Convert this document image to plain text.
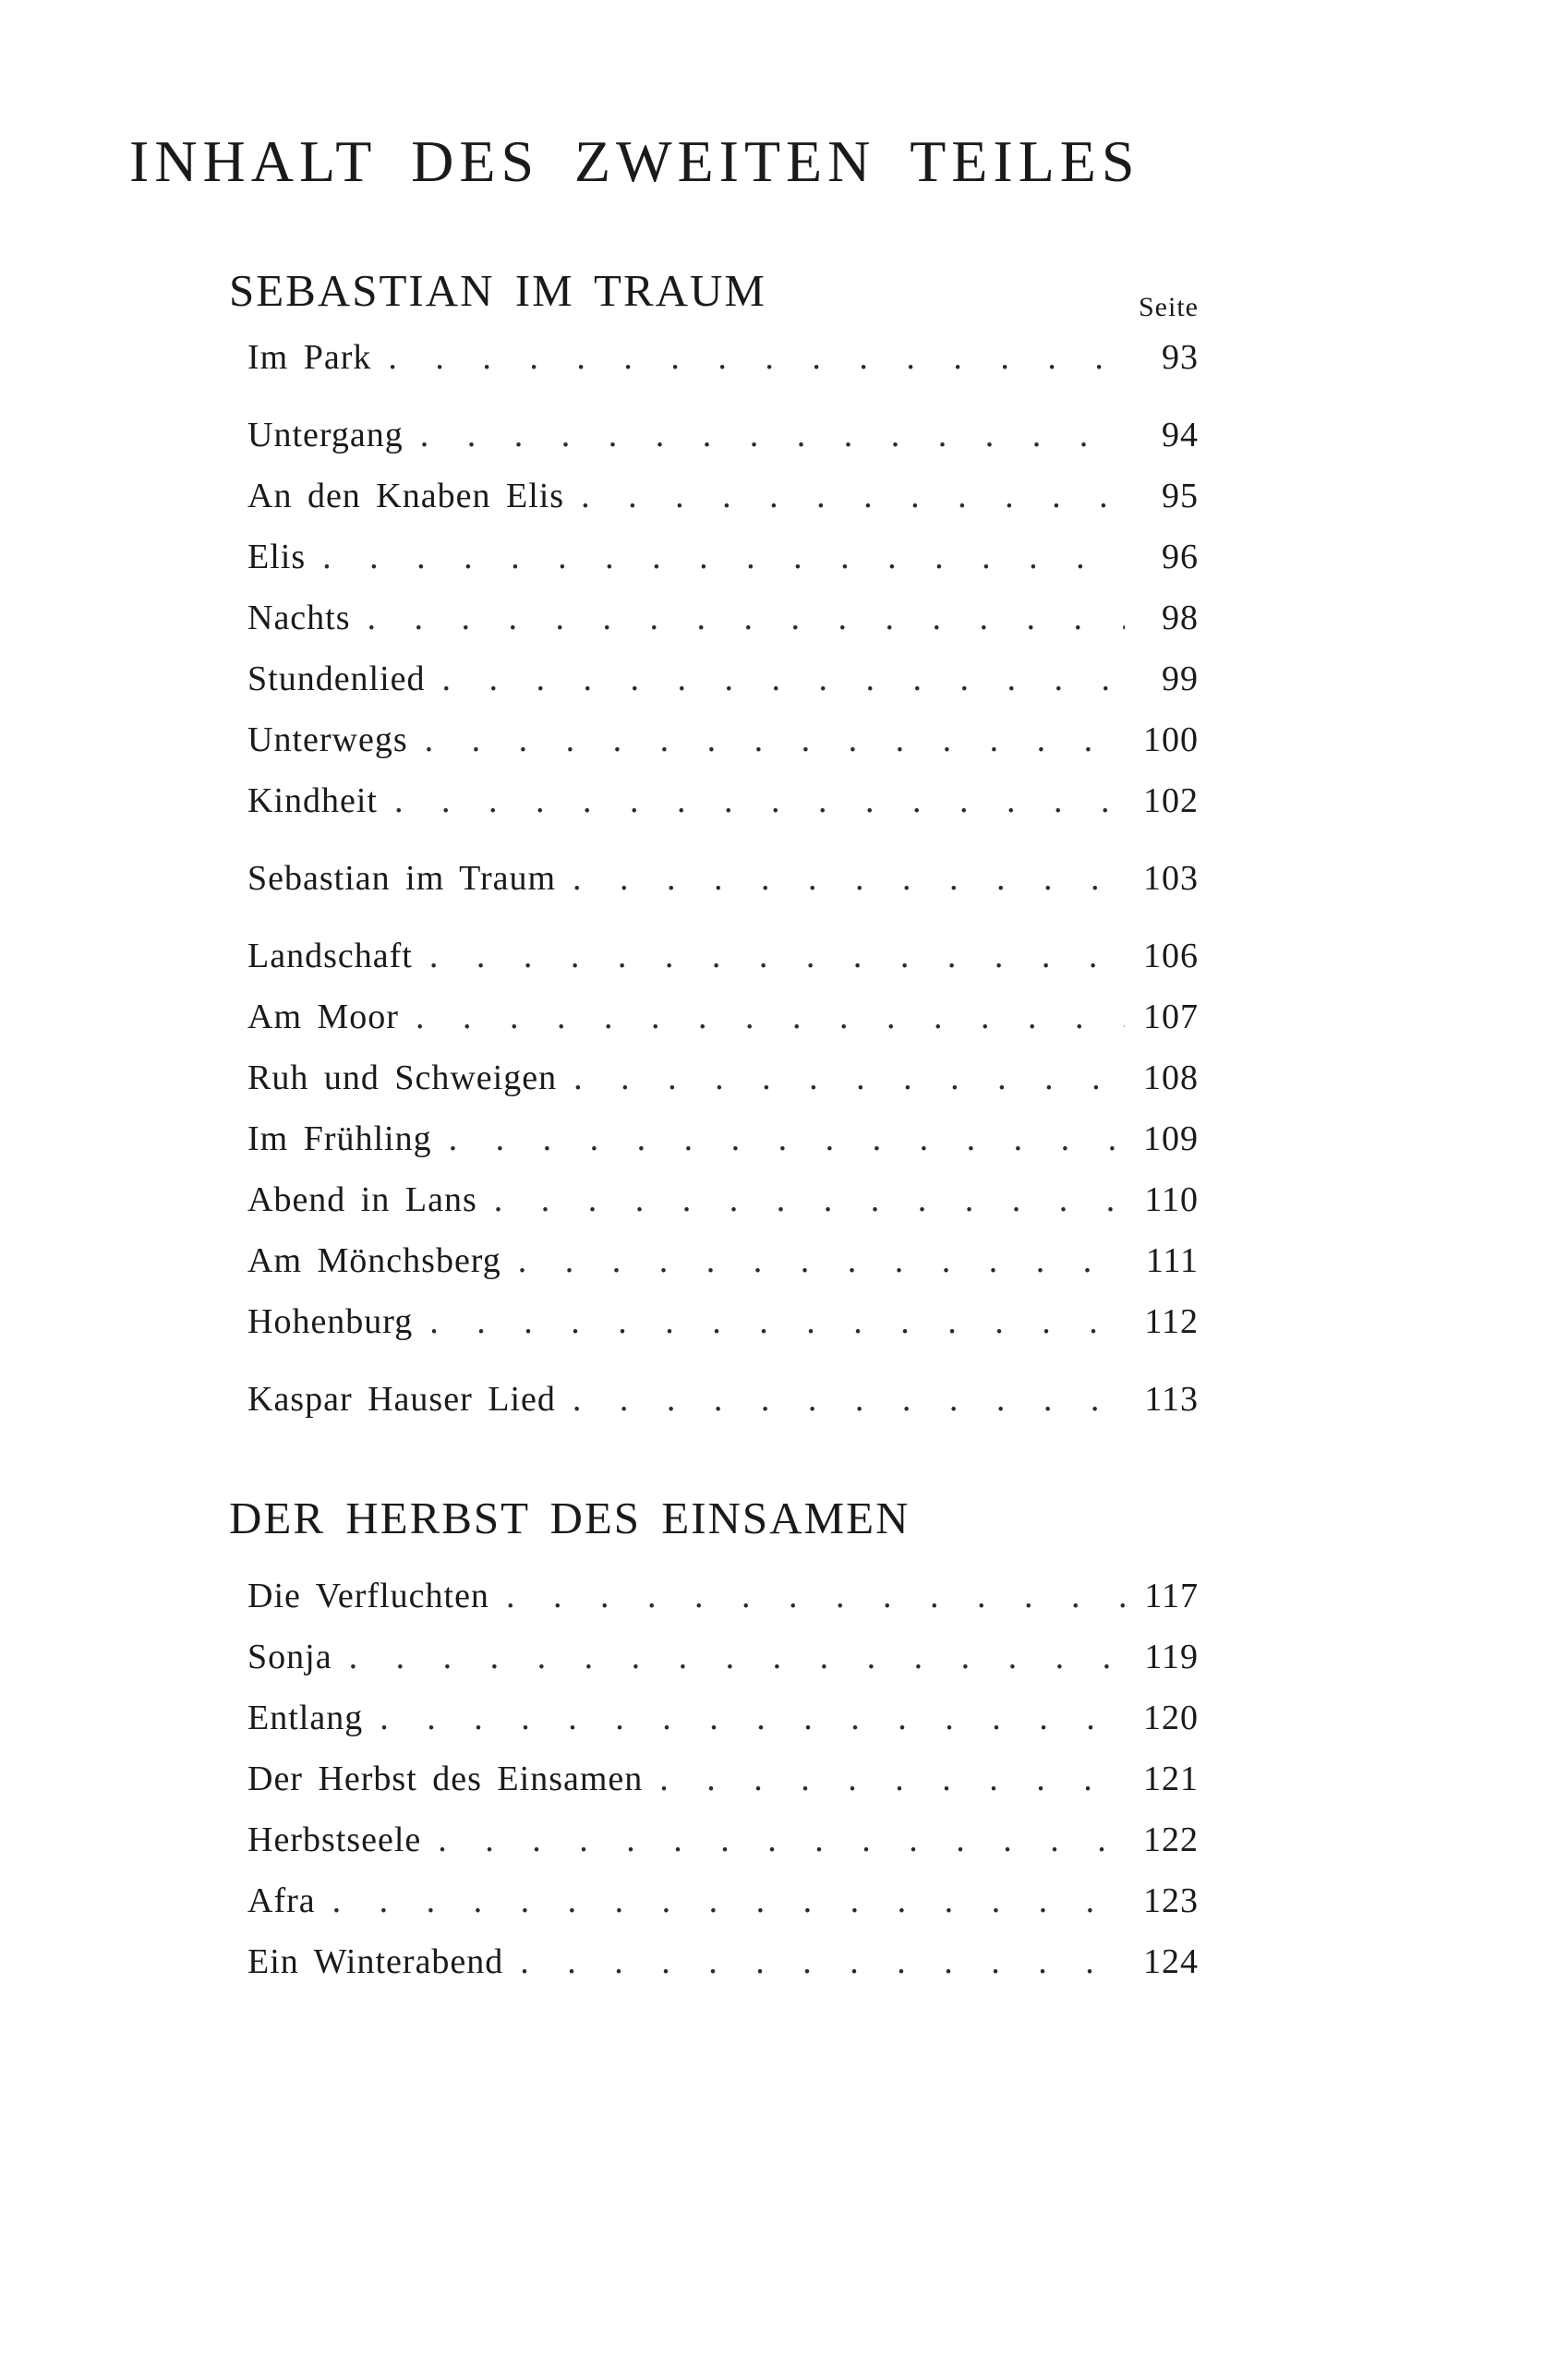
INHALT DES ZWEITEN TEILES
SEBASTIAN IM TRAUM	Seite
Im Park . . .	93
Untergang . . .	94
An den Knaben Elis . . .	95
Elis . . .	96
Nachts . . .	98
Stundenlied . . .	99
Unterwegs . . .	100
Kindheit . . .	102
Sebastian im Traum . . .	103
Landschaft . . .	106
Am Moor . . .	107
Ruh und Schweigen . . .	108
Im Frühling . . .	109
Abend in Lans . . .	110
Am Mönchsberg . . .	111
Hohenburg . . .	112
Kaspar Hauser Lied . . .	113
DER HERBST DES EINSAMEN
Die Verfluchten . . .	117
Sonja . . .	119
Entlang . . .	120
Der Herbst des Einsamen . . .	121
Herbstseele . . .	122
Afra . . .	123
Ein Winterabend . . .	124
